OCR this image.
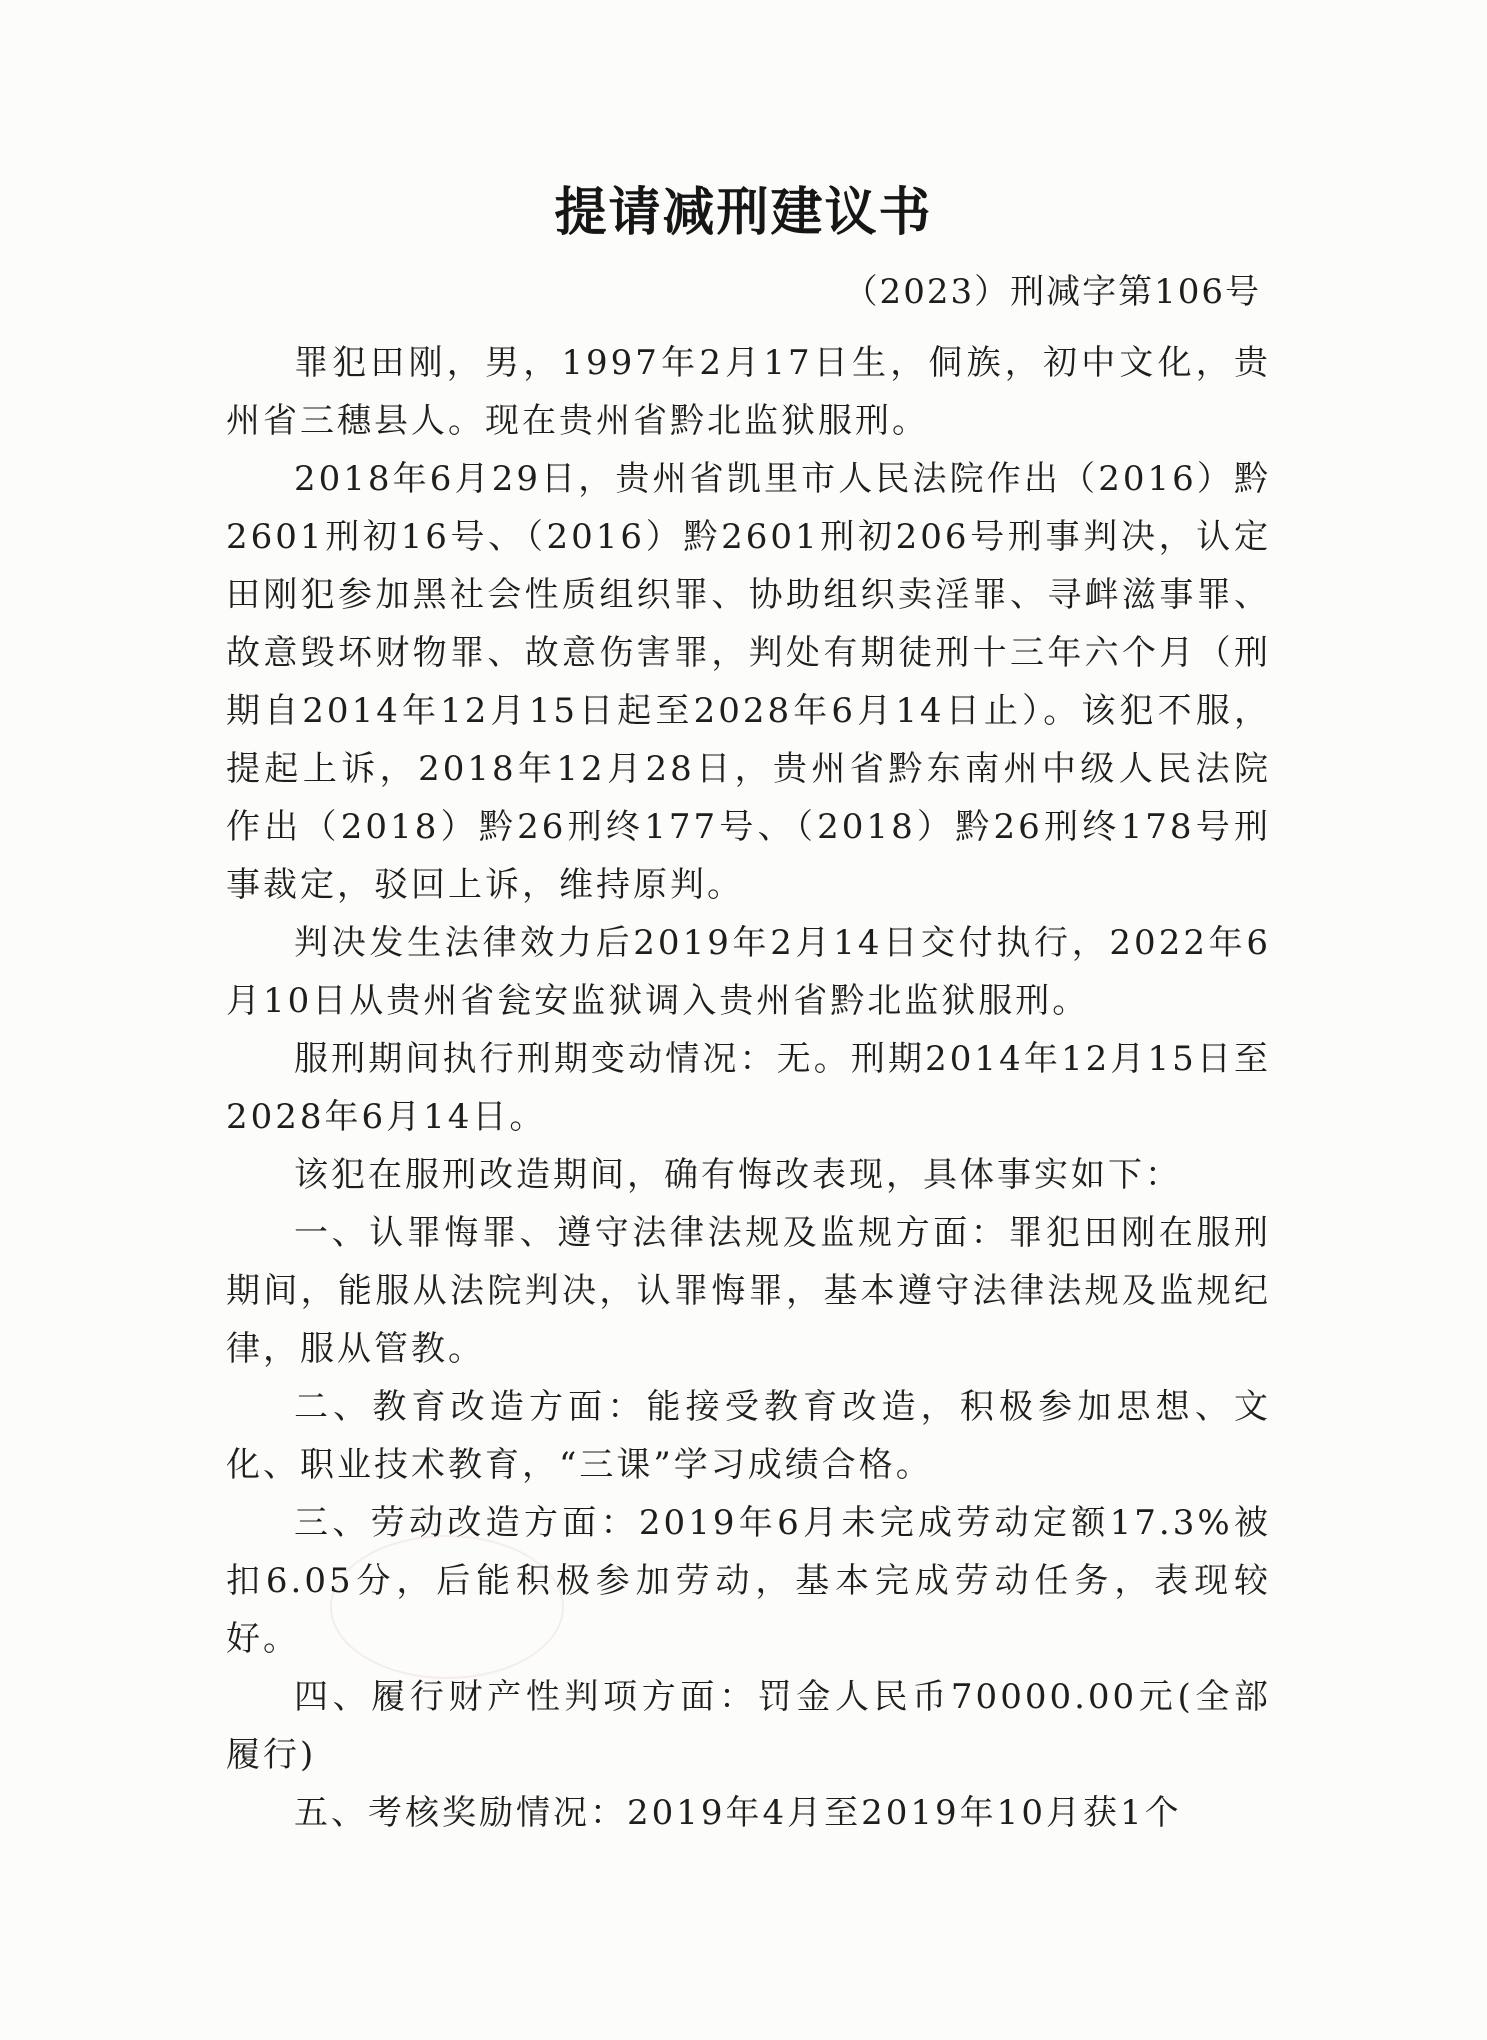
提请减刑建议书
（2023）刑减字第106号

罪犯田刚，男，1997年2月17日生，侗族，初中文化，贵州省三穗县人。现在贵州省黔北监狱服刑。

2018年6月29日，贵州省凯里市人民法院作出（2016）黔2601刑初16号、（2016）黔2601刑初206号刑事判决，认定田刚犯参加黑社会性质组织罪、协助组织卖淫罪、寻衅滋事罪、故意毁坏财物罪、故意伤害罪，判处有期徒刑十三年六个月（刑期自2014年12月15日起至2028年6月14日止）。该犯不服，提起上诉，2018年12月28日，贵州省黔东南州中级人民法院作出（2018）黔26刑终177号、（2018）黔26刑终178号刑事裁定，驳回上诉，维持原判。

判决发生法律效力后2019年2月14日交付执行，2022年6月10日从贵州省瓮安监狱调入贵州省黔北监狱服刑。

服刑期间执行刑期变动情况：无。刑期2014年12月15日至2028年6月14日。

该犯在服刑改造期间，确有悔改表现，具体事实如下：

一、认罪悔罪、遵守法律法规及监规方面：罪犯田刚在服刑期间，能服从法院判决，认罪悔罪，基本遵守法律法规及监规纪律，服从管教。

二、教育改造方面：能接受教育改造，积极参加思想、文化、职业技术教育，“三课”学习成绩合格。

三、劳动改造方面：2019年6月未完成劳动定额17.3%被扣6.05分，后能积极参加劳动，基本完成劳动任务，表现较好。

四、履行财产性判项方面：罚金人民币70000.00元(全部履行)

五、考核奖励情况：2019年4月至2019年10月获1个
